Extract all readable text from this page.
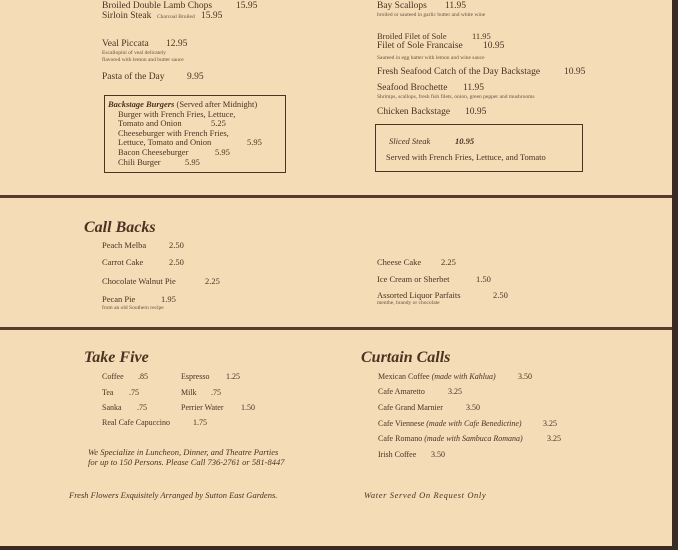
Broiled Double Lamb Chops	15.95
Sirloin Steak Charcoal Broiled 15.95
Veal Piccata 12.95
Escallopini of veal delicately
flavored with lemon and butter sauce
Pasta of the Day 9.95
Backstage Burgers (Served after Midnight)
Burger with French Fries, Lettuce,
Tomato and Onion	5.25
Cheeseburger with French Fries,
Lettuce, Tomato and Onion	5.95
Bacon Cheeseburger	5.95
Chili Burger	5.95
Bay Scallops 11.95
broiled or sauteed in garlic butter and white wine
Broiled Filet of Sole	11.95
Filet of Sole Francaise 10.95
Sauteed in egg batter with lemon and wine sauce
Fresh Seafood Catch of the Day Backstage	10.95
Seafood Brochette 11.95
Shrimps, scallops, fresh fish filets, onion, green pepper and mushrooms
Chicken Backstage 10.95
Sliced Steak	10.95
Served with French Fries, Lettuce, and Tomato
Call Backs
Peach Melba	2.50
Carrot Cake	2.50
Chocolate Walnut Pie	2.25
Pecan Pie	1.95
from an old Southern recipe
Cheese Cake 2.25
Ice Cream or Sherbet	1.50
Assorted Liquor Parfaits	2.50
menthe, brandy or chocolate
Take Five
Coffee .85
Tea .75
Sanka .75
Real Cafe Capuccino	1.75
Espresso 1.25
Milk .75
Perrier Water 1.50
We Specialize in Luncheon, Dinner, and Theatre Parties
for up to 150 Persons. Please Call 736-2761 or 581-8447
Curtain Calls
Mexican Coffee (made with Kahlua)	3.50
Cafe Amaretto	3.25
Cafe Grand Marnier	3.50
Cafe Viennese (made with Cafe Benedictine)	3.25
Cafe Romano (made with Sambuca Romana)	3.25
Irish Coffee 3.50
Fresh Flowers Exquisitely Arranged by Sutton East Gardens.	Water Served On Request Only
